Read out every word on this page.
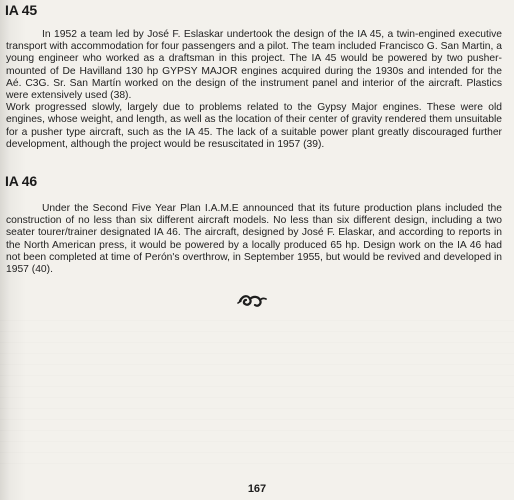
IA 45

In 1952 a team led by José F. Eslaskar undertook the design of the IA 45, a twin-engined executive transport with accommodation for four passengers and a pilot. The team included Francisco G. San Martin, a young engineer who worked as a draftsman in this project. The IA 45 would be powered by two pusher-mounted of De Havilland 130 hp GYPSY MAJOR engines acquired during the 1930s and intended for the Aé. C3G. Sr. San Martín worked on the design of the instrument panel and interior of the aircraft. Plastics were extensively used (38).

Work progressed slowly, largely due to problems related to the Gypsy Major engines. These were old engines, whose weight, and length, as well as the location of their center of gravity rendered them unsuitable for a pusher type aircraft, such as the IA 45. The lack of a suitable power plant greatly discouraged further development, although the project would be resuscitated in 1957 (39).

IA 46

Under the Second Five Year Plan I.A.M.E announced that its future production plans included the construction of no less than six different aircraft models. No less than six different design, including a two seater tourer/trainer designated IA 46. The aircraft, designed by José F. Elaskar, and according to reports in the North American press, it would be powered by a locally produced 65 hp. Design work on the IA 46 had not been completed at time of Perón's overthrow, in September 1955, but would be revived and developed in 1957 (40).

167
